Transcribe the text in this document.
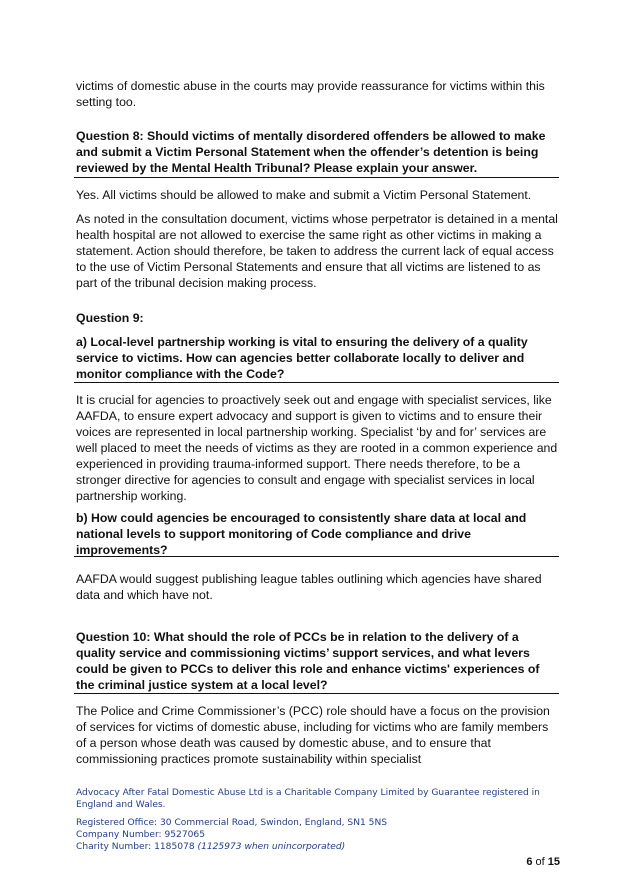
victims of domestic abuse in the courts may provide reassurance for victims within this setting too.

Question 8: Should victims of mentally disordered offenders be allowed to make and submit a Victim Personal Statement when the offender’s detention is being reviewed by the Mental Health Tribunal? Please explain your answer.

Yes. All victims should be allowed to make and submit a Victim Personal Statement.

As noted in the consultation document, victims whose perpetrator is detained in a mental health hospital are not allowed to exercise the same right as other victims in making a statement. Action should therefore, be taken to address the current lack of equal access to the use of Victim Personal Statements and ensure that all victims are listened to as part of the tribunal decision making process.

Question 9:

a) Local-level partnership working is vital to ensuring the delivery of a quality service to victims. How can agencies better collaborate locally to deliver and monitor compliance with the Code?

It is crucial for agencies to proactively seek out and engage with specialist services, like AAFDA, to ensure expert advocacy and support is given to victims and to ensure their voices are represented in local partnership working. Specialist ‘by and for’ services are well placed to meet the needs of victims as they are rooted in a common experience and experienced in providing trauma-informed support. There needs therefore, to be a stronger directive for agencies to consult and engage with specialist services in local partnership working.

b) How could agencies be encouraged to consistently share data at local and national levels to support monitoring of Code compliance and drive improvements?

AAFDA would suggest publishing league tables outlining which agencies have shared data and which have not.

Question 10: What should the role of PCCs be in relation to the delivery of a quality service and commissioning victims’ support services, and what levers could be given to PCCs to deliver this role and enhance victims' experiences of the criminal justice system at a local level?

The Police and Crime Commissioner’s (PCC) role should have a focus on the provision of services for victims of domestic abuse, including for victims who are family members of a person whose death was caused by domestic abuse, and to ensure that commissioning practices promote sustainability within specialist

Advocacy After Fatal Domestic Abuse Ltd is a Charitable Company Limited by Guarantee registered in England and Wales.

Registered Office: 30 Commercial Road, Swindon, England, SN1 5NS

Company Number: 9527065

Charity Number: 1185078 (1125973 when unincorporated)

6 of 15
